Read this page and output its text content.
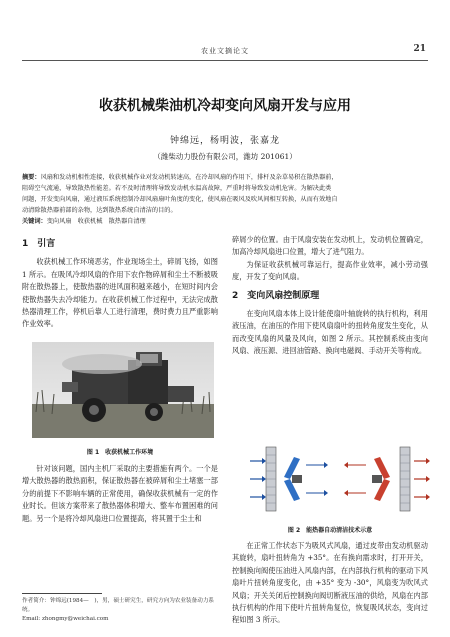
农业文摘论文	21
收获机械柴油机冷却变向风扇开发与应用
钟绵远，杨明波，张嘉龙
（潍柴动力股份有限公司，潍坊 201061）
摘要：风扇和发动机相性连接，收获机械作业对发动机转速高，在冷却风扇的作用下，排杆及杂草易积在散热器前，
阻碍空气流通，导致散热性能差。若不及时清理将导致发动机水温高故障，严重时将导致发动机危害。为解决此类
问题，开发变向风扇，通过液压系统控制冷却风扇扇叶角度的变化，使风扇在吸风及吹风间相互转换，从而有效地自
动清除散热器前部的杂物，达到散热系统自清洁的目的。
关键词：变向风扇　收获机械　散热器自清理
1　引言

收获机械工作环境恶劣，作业现场尘土，碎屑飞扬，如图 1 所示。在吸风冷却风扇的作用下农作物碎屑和尘土不断被吸附在散热器上，使散热器的进风面积越来越小，在短时间内会使散热器失去冷却能力。在收获机械工作过程中，无法完成散热器清理工作，停机后靠人工进行清理，费时费力且严重影响作业效率。

图 1　收获机械工作环境

针对该问题，国内主机厂采取的主要措施有两个。一个是增大散热器的散热面积，保证散热器在被碎屑和尘土堵塞一部分的前提下不影响车辆的正常使用，确保收获机械有一定的作业时长。但该方案带来了散热器体积增大、整车布置困难的问题。另一个是将冷却风扇进口位置提高，将其置于尘土和

碎屑少的位置。由于风扇安装在发动机上，发动机位置确定，加高冷却风扇进口位置，增大了进气阻力。

为保证收获机械可靠运行，提高作业效率，减小劳动强度，开发了变向风扇。

2　变向风扇控制原理

在变向风扇本体上设计能使扇叶轴旋转的执行机构，利用液压油，在油压的作用下使风扇扇叶的扭转角度发生变化，从而改变风扇的风量及风向，如图 2 所示。其控制系统由变向风扇、液压源、进回油管路、换向电磁阀、手动开关等构成。

图 2　能热器自动清洁技术示意

在正常工作状态下为吸风式风扇，通过皮带由发动机驱动其旋转，扇叶扭转角为 +35°。在有换向需求时，打开开关，控制换向阀使压油进入风扇内部，在内部执行机构的驱动下风扇叶片扭转角度变化，由 +35° 变为 -30°，风扇变为吹风式风扇；开关关闭后控制换向阀切断液压油的供给，风扇在内部执行机构的作用下使叶片扭转角复位，恢复吸风状态，变向过程如图 3 所示。

作者简介：钟绵远(1984—　)，男，硕士研究生，研究方向为农业装备动力系统。
Email: zhongmy@weichai.com
